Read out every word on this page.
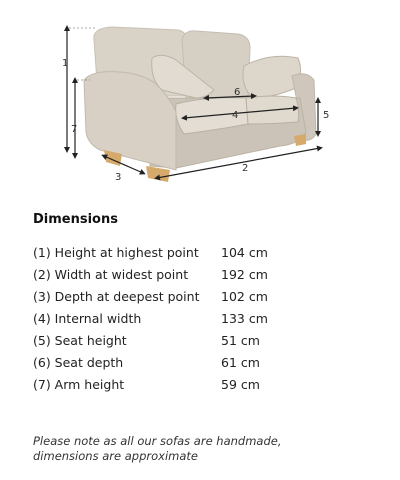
1
7
3
2
5
4
6
Dimensions
(1) Height at highest point 104 cm
(2) Width at widest point	192 cm
(3) Depth at deepest point 102 cm
(4) Internal width	133 cm
(5) Seat height	51 cm
(6) Seat depth	61 cm
(7) Arm height	59 cm
Please note as all our sofas are handmade,
dimensions are approximate
